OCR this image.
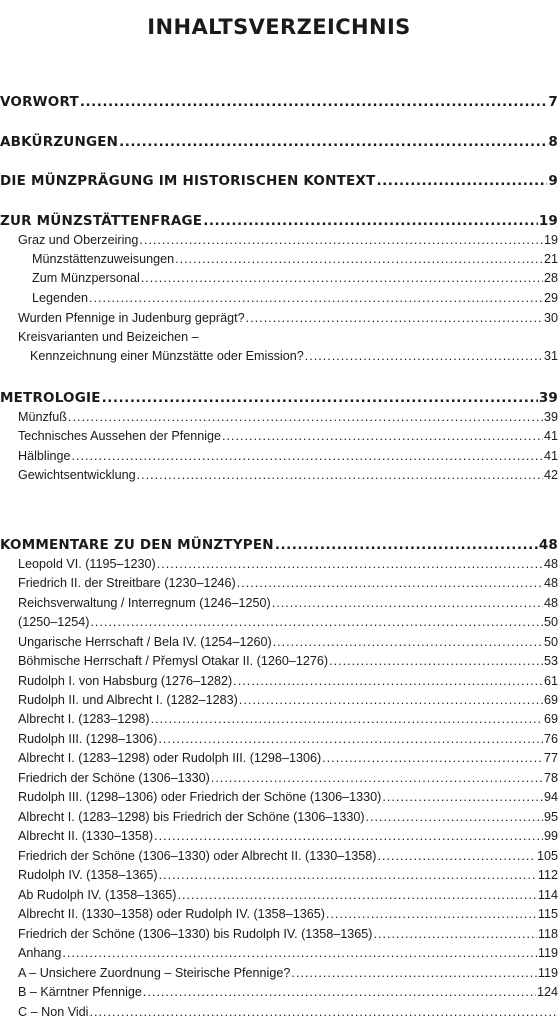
INHALTSVERZEICHNIS
VORWORT .....	7
ABKÜRZUNGEN .....	8
DIE MÜNZPRÄGUNG IM HISTORISCHEN KONTEXT .....	9
ZUR MÜNZSTÄTTENFRAGE .....	19
Graz und Oberzeiring .....	19
Münzstättenzuweisungen .....	21
Zum Münzpersonal .....	28
Legenden .....	29
Wurden Pfennige in Judenburg geprägt? .....	30
Kreisvarianten und Beizeichen –
Kennzeichnung einer Münzstätte oder Emission? .....	31
METROLOGIE .....	39
Münzfuß .....	39
Technisches Aussehen der Pfennige .....	41
Hälblinge .....	41
Gewichtsentwicklung .....	42
KOMMENTARE ZU DEN MÜNZTYPEN .....	48
Leopold VI. (1195–1230) .....	48
Friedrich II. der Streitbare (1230–1246) .....	48
Reichsverwaltung / Interregnum (1246–1250) .....	48
(1250–1254) .....	50
Ungarische Herrschaft / Bela IV. (1254–1260) .....	50
Böhmische Herrschaft / Přemysl Otakar II. (1260–1276) .....	53
Rudolph I. von Habsburg (1276–1282) .....	61
Rudolph II. und Albrecht I. (1282–1283) .....	69
Albrecht I. (1283–1298) .....	69
Rudolph III. (1298–1306) .....	76
Albrecht I. (1283–1298) oder Rudolph III. (1298–1306) .....	77
Friedrich der Schöne (1306–1330) .....	78
Rudolph III. (1298–1306) oder Friedrich der Schöne (1306–1330) .....	94
Albrecht I. (1283–1298) bis Friedrich der Schöne (1306–1330) .....	95
Albrecht II. (1330–1358) .....	99
Friedrich der Schöne (1306–1330) oder Albrecht II. (1330–1358) .....	105
Rudolph IV. (1358–1365) .....	112
Ab Rudolph IV. (1358–1365) .....	114
Albrecht II. (1330–1358) oder Rudolph IV. (1358–1365) .....	115
Friedrich der Schöne (1306–1330) bis Rudolph IV. (1358–1365) .....	118
Anhang .....	119
A – Unsichere Zuordnung – Steirische Pfennige? .....	119
B – Kärntner Pfennige .....	124
C – Non Vidi
.....
